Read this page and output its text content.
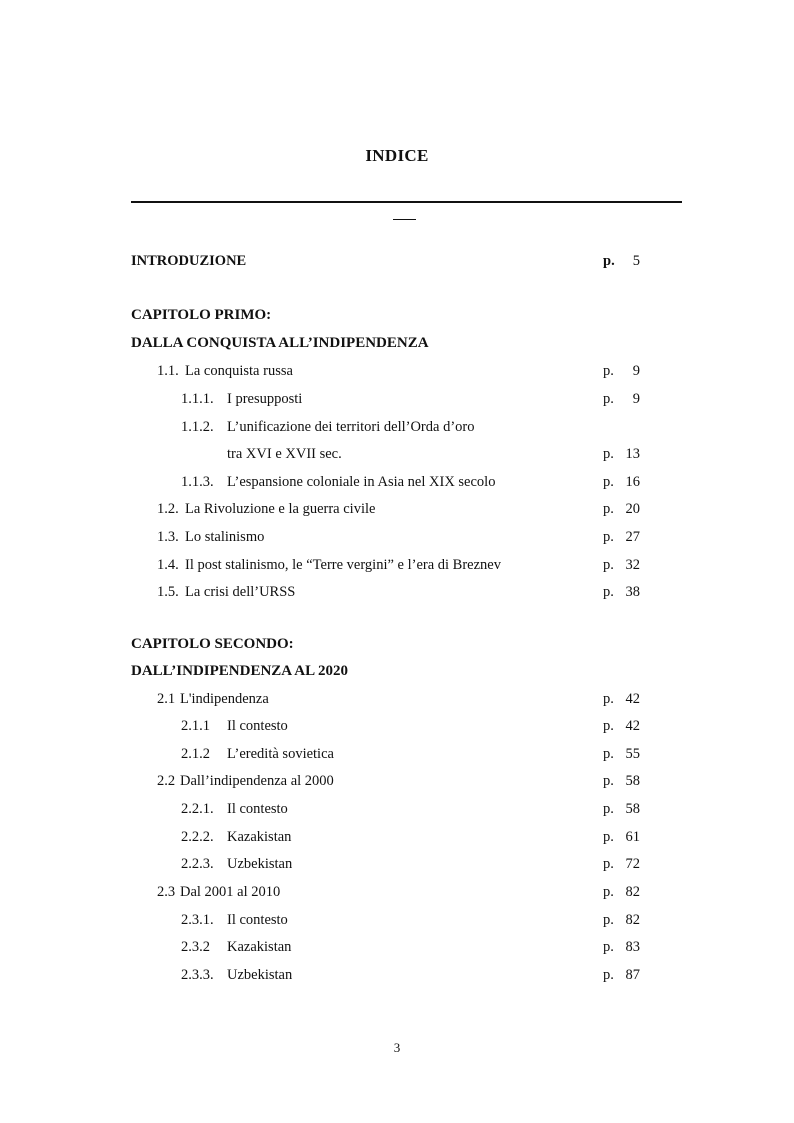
INDICE
INTRODUZIONE	p. 5
CAPITOLO PRIMO:
DALLA CONQUISTA ALL’INDIPENDENZA
1.1. La conquista russa	p. 9
1.1.1. I presupposti	p. 9
1.1.2. L’unificazione dei territori dell’Orda d’oro
tra XVI e XVII sec.	p. 13
1.1.3. L’espansione coloniale in Asia nel XIX secolo	p. 16
1.2. La Rivoluzione e la guerra civile	p. 20
1.3. Lo stalinismo	p. 27
1.4. Il post stalinismo, le “Terre vergini” e l’era di Breznev	p. 32
1.5. La crisi dell’URSS	p. 38
CAPITOLO SECONDO:
DALL’INDIPENDENZA AL 2020
2.1 L'indipendenza	p. 42
2.1.1 Il contesto	p. 42
2.1.2 L’eredità sovietica	p. 55
2.2 Dall’indipendenza al 2000	p. 58
2.2.1. Il contesto	p. 58
2.2.2. Kazakistan	p. 61
2.2.3. Uzbekistan	p. 72
2.3 Dal 2001 al 2010	p. 82
2.3.1. Il contesto	p. 82
2.3.2 Kazakistan	p. 83
2.3.3. Uzbekistan	p. 87
3
